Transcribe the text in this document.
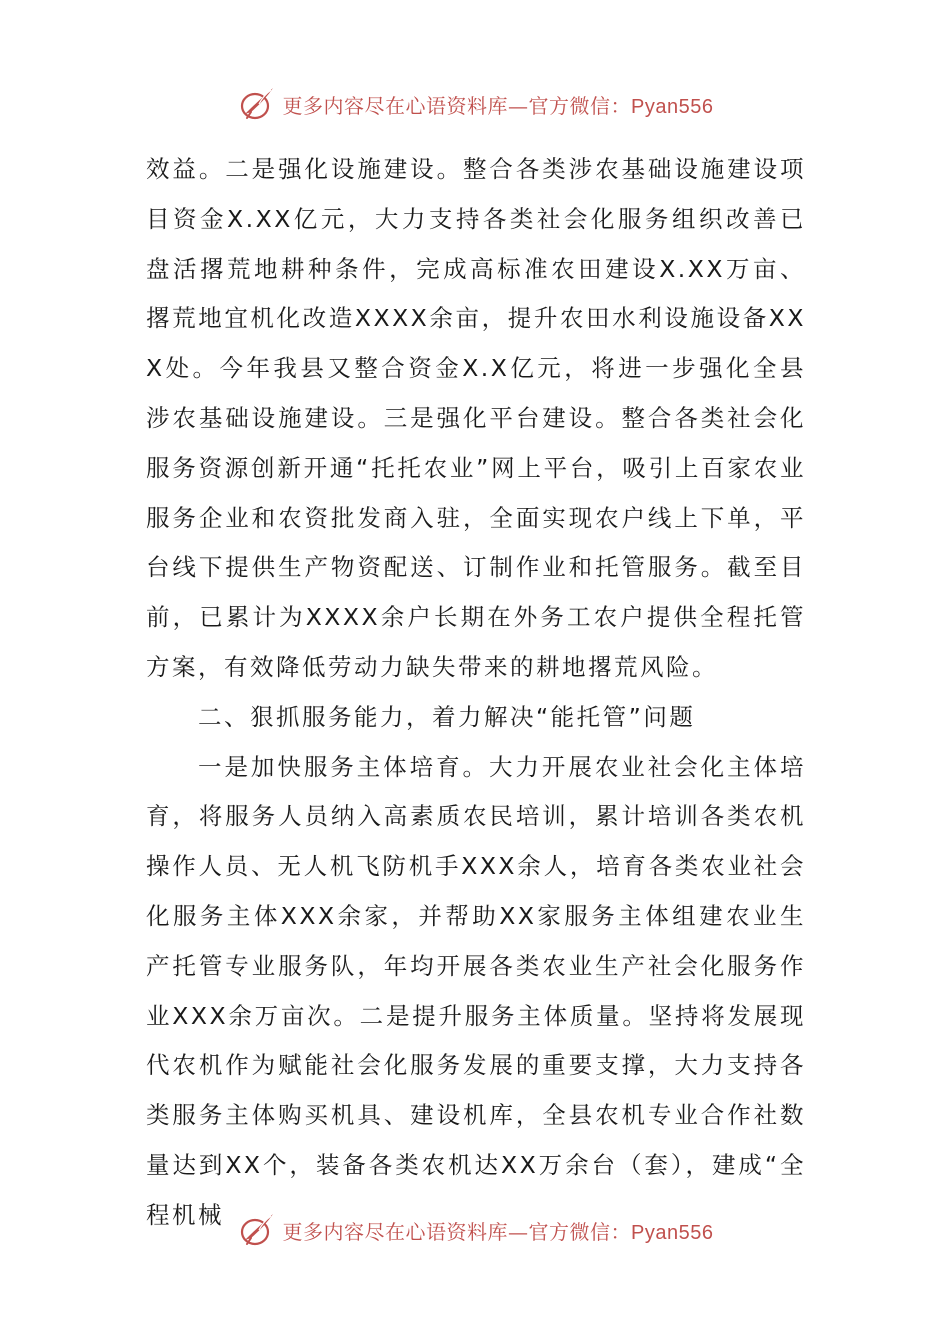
更多内容尽在心语资料库—官方微信：Pyan556

效益。二是强化设施建设。整合各类涉农基础设施建设项目资金X.XX亿元，大力支持各类社会化服务组织改善已盘活撂荒地耕种条件，完成高标准农田建设X.XX万亩、撂荒地宜机化改造XXXX余亩，提升农田水利设施设备XXX处。今年我县又整合资金X.X亿元，将进一步强化全县涉农基础设施建设。三是强化平台建设。整合各类社会化服务资源创新开通“托托农业”网上平台，吸引上百家农业服务企业和农资批发商入驻，全面实现农户线上下单，平台线下提供生产物资配送、订制作业和托管服务。截至目前，已累计为XXXX余户长期在外务工农户提供全程托管方案，有效降低劳动力缺失带来的耕地撂荒风险。

二、狠抓服务能力，着力解决“能托管”问题

一是加快服务主体培育。大力开展农业社会化主体培育，将服务人员纳入高素质农民培训，累计培训各类农机操作人员、无人机飞防机手XXX余人，培育各类农业社会化服务主体XXX余家，并帮助XX家服务主体组建农业生产托管专业服务队，年均开展各类农业生产社会化服务作业XXX余万亩次。二是提升服务主体质量。坚持将发展现代农机作为赋能社会化服务发展的重要支撑，大力支持各类服务主体购买机具、建设机库，全县农机专业合作社数量达到XX个，装备各类农机达XX万余台（套），建成“全程机械

更多内容尽在心语资料库—官方微信：Pyan556
